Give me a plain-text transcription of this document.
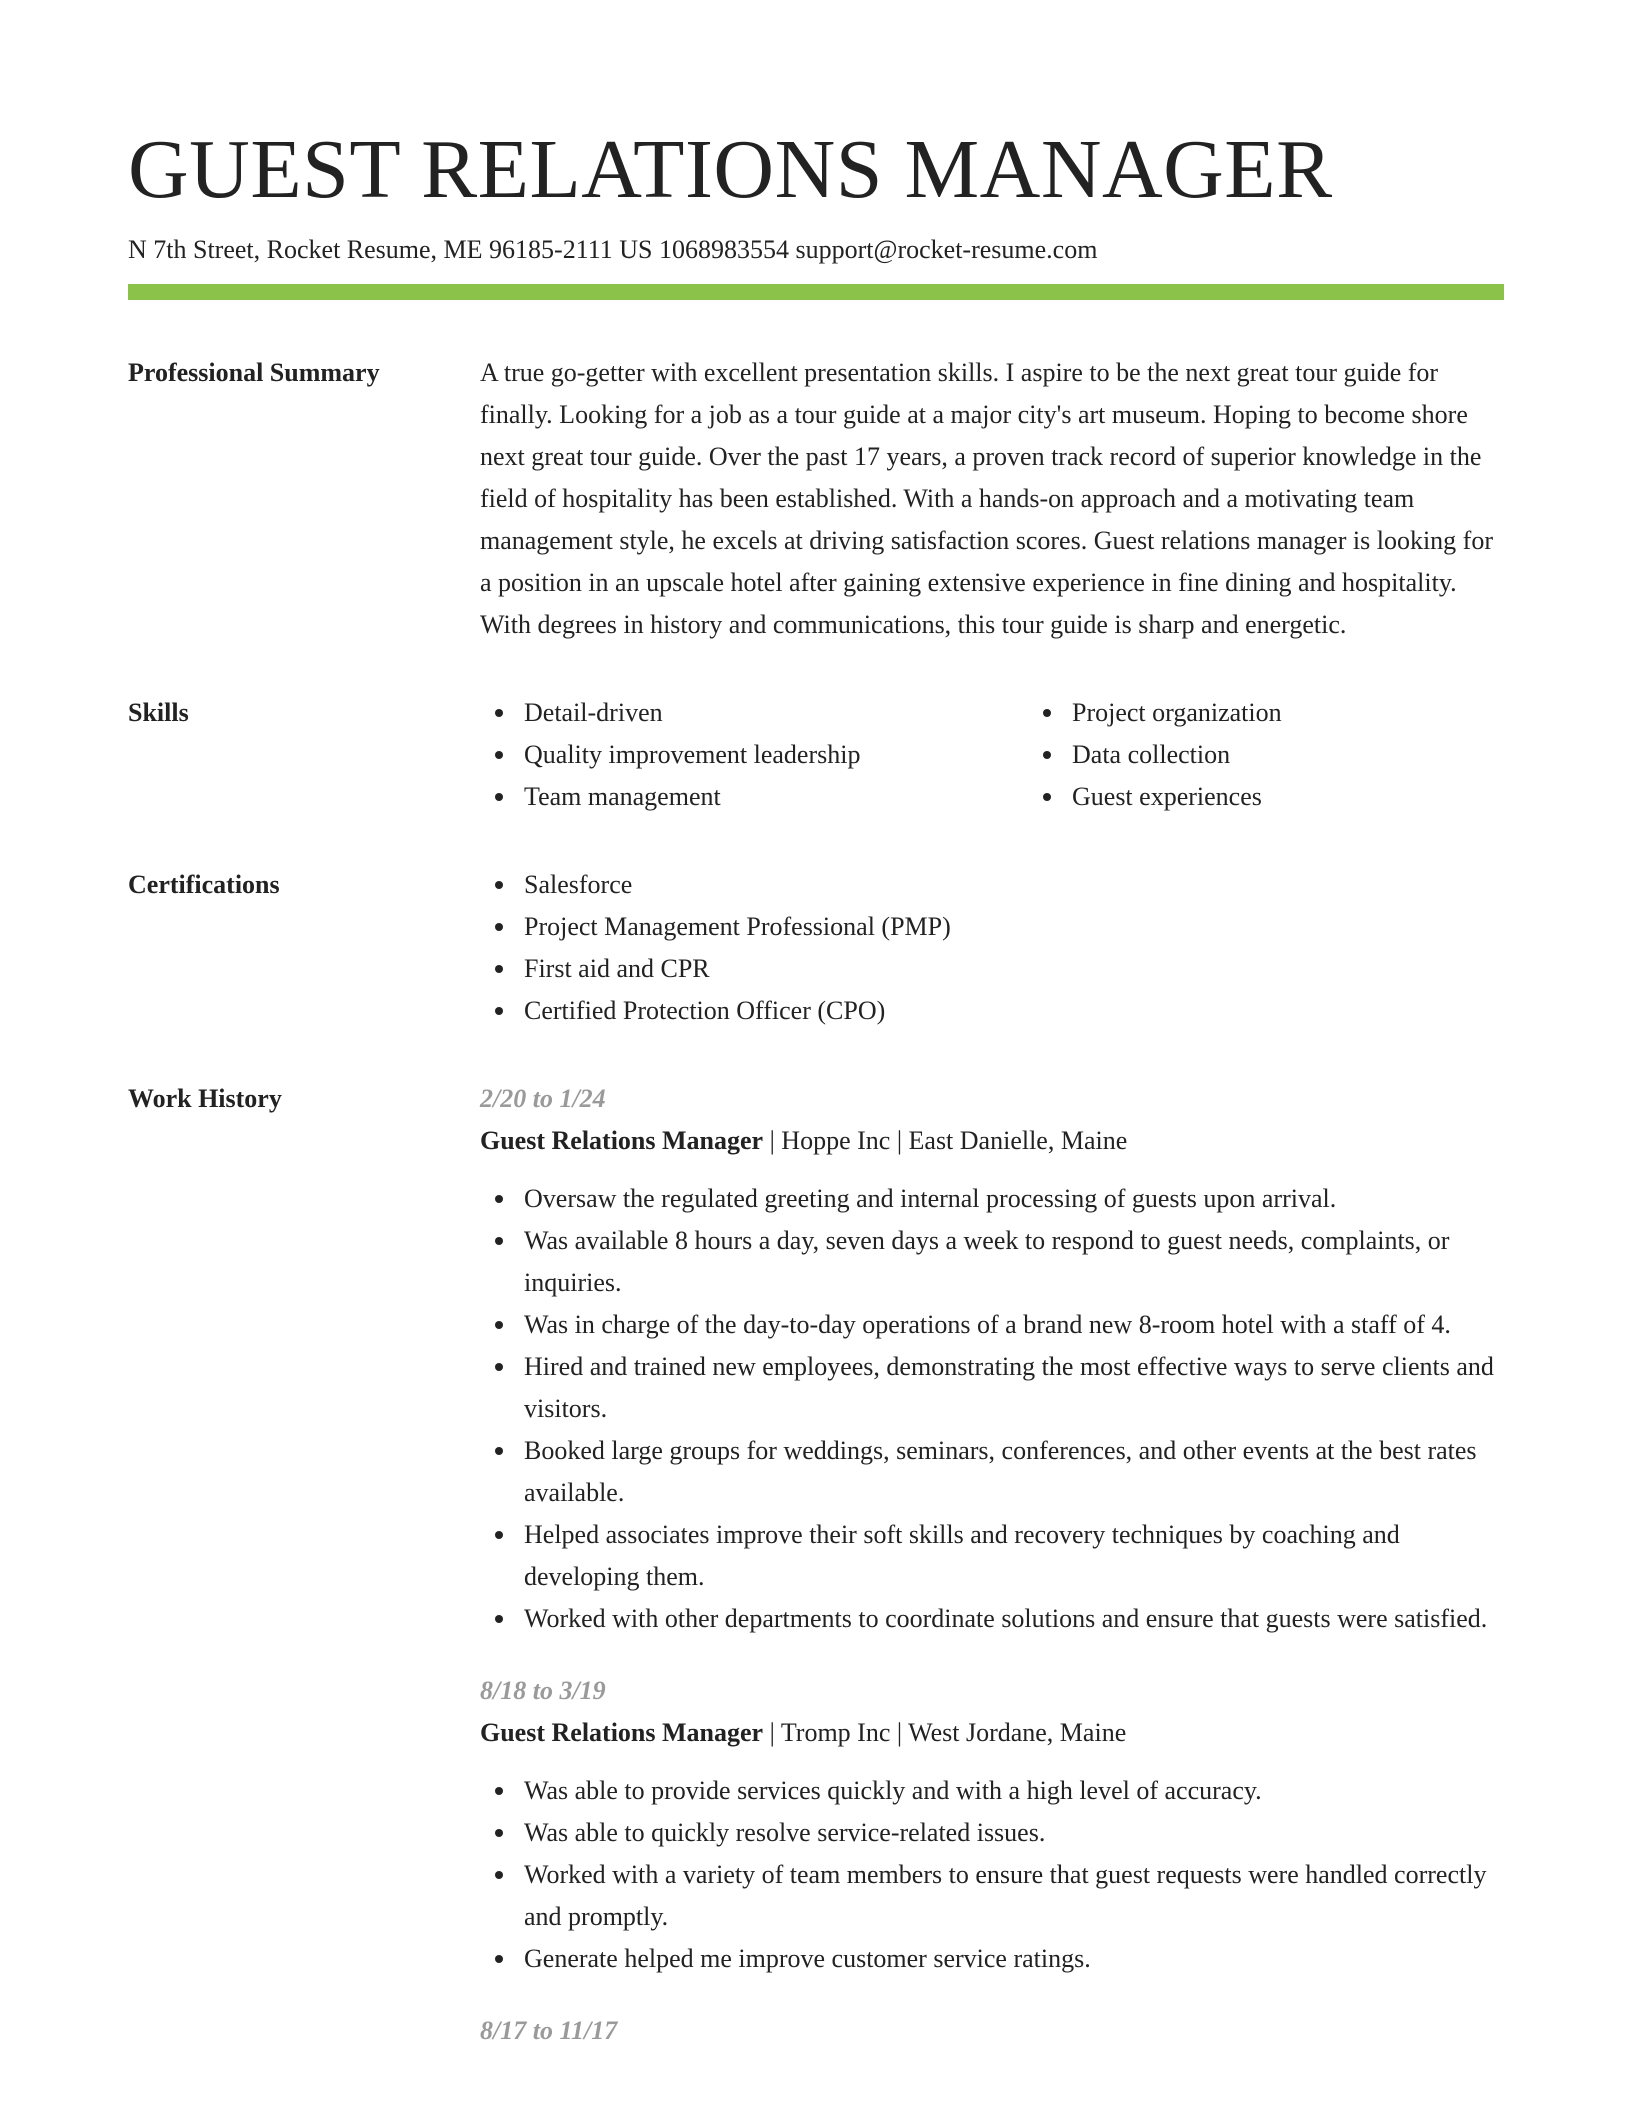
GUEST RELATIONS MANAGER
N 7th Street, Rocket Resume, ME 96185-2111 US 1068983554 support@rocket-resume.com
Professional Summary	A true go-getter with excellent presentation skills. I aspire to be the next great tour guide for finally. Looking for a job as a tour guide at a major city's art museum. Hoping to become shore next great tour guide. Over the past 17 years, a proven track record of superior knowledge in the field of hospitality has been established. With a hands-on approach and a motivating team management style, he excels at driving satisfaction scores. Guest relations manager is looking for a position in an upscale hotel after gaining extensive experience in fine dining and hospitality. With degrees in history and communications, this tour guide is sharp and energetic.

Skills	Detail-driven
Quality improvement leadership
Team management
Project organization
Data collection
Guest experiences
Certifications	Salesforce
Project Management Professional (PMP)
First aid and CPR
Certified Protection Officer (CPO)
Work History	2/20 to 1/24
Guest Relations Manager | Hoppe Inc | East Danielle, Maine
Oversaw the regulated greeting and internal processing of guests upon arrival.
Was available 8 hours a day, seven days a week to respond to guest needs, complaints, or inquiries.
Was in charge of the day-to-day operations of a brand new 8-room hotel with a staff of 4.
Hired and trained new employees, demonstrating the most effective ways to serve clients and visitors.
Booked large groups for weddings, seminars, conferences, and other events at the best rates available.
Helped associates improve their soft skills and recovery techniques by coaching and developing them.
Worked with other departments to coordinate solutions and ensure that guests were satisfied.
8/18 to 3/19
Guest Relations Manager | Tromp Inc | West Jordane, Maine
Was able to provide services quickly and with a high level of accuracy.
Was able to quickly resolve service-related issues.
Worked with a variety of team members to ensure that guest requests were handled correctly and promptly.
Generate helped me improve customer service ratings.
8/17 to 11/17
